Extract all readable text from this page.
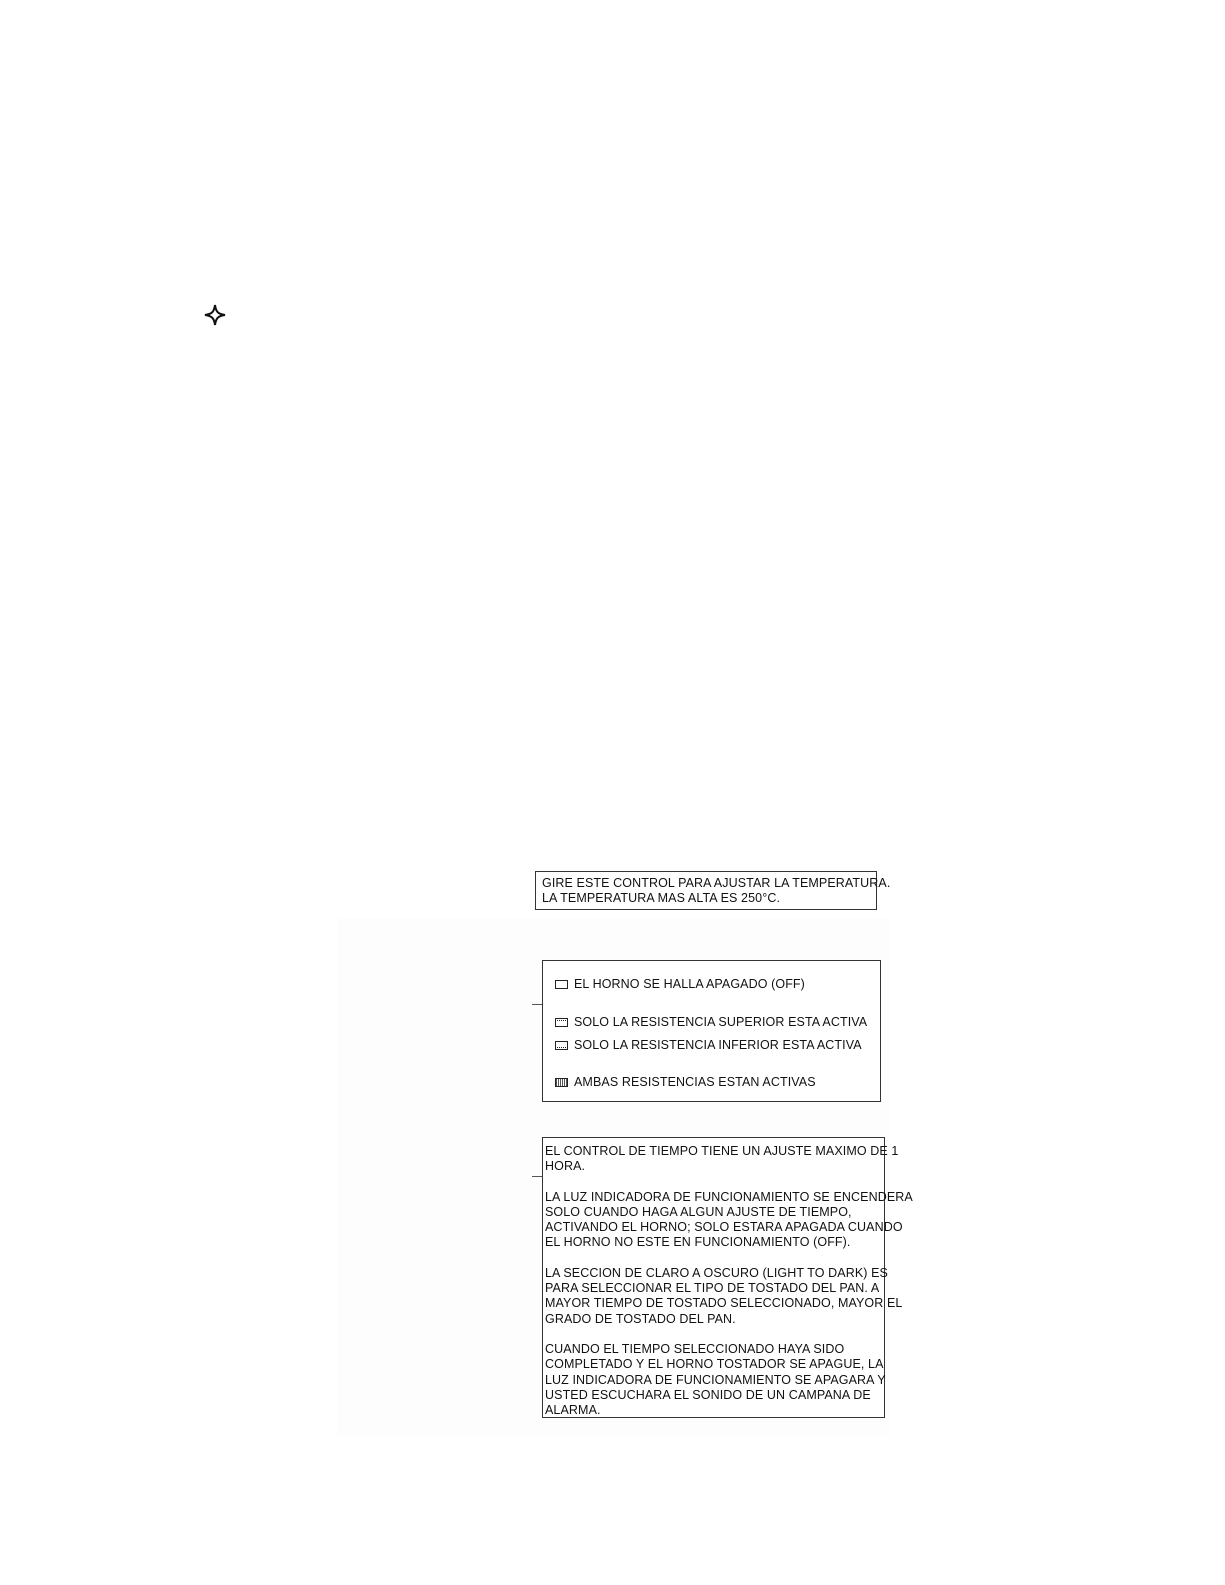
GIRE ESTE CONTROL PARA AJUSTAR LA TEMPERATURA.
LA TEMPERATURA MAS ALTA ES 250°C.
EL HORNO SE HALLA APAGADO (OFF)
SOLO LA RESISTENCIA SUPERIOR ESTA ACTIVA
SOLO LA RESISTENCIA INFERIOR ESTA ACTIVA
AMBAS RESISTENCIAS ESTAN ACTIVAS
EL CONTROL DE TIEMPO TIENE UN AJUSTE MAXIMO DE 1
HORA.
LA LUZ INDICADORA DE FUNCIONAMIENTO SE ENCENDERA
SOLO CUANDO HAGA ALGUN AJUSTE DE TIEMPO,
ACTIVANDO EL HORNO; SOLO ESTARA APAGADA CUANDO
EL HORNO NO ESTE EN FUNCIONAMIENTO (OFF).
LA SECCION DE CLARO A OSCURO (LIGHT TO DARK) ES
PARA SELECCIONAR EL TIPO DE TOSTADO DEL PAN. A
MAYOR TIEMPO DE TOSTADO SELECCIONADO, MAYOR EL
GRADO DE TOSTADO DEL PAN.
CUANDO EL TIEMPO SELECCIONADO HAYA SIDO
COMPLETADO Y EL HORNO TOSTADOR SE APAGUE, LA
LUZ INDICADORA DE FUNCIONAMIENTO SE APAGARA Y
USTED ESCUCHARA EL SONIDO DE UN CAMPANA DE
ALARMA.
